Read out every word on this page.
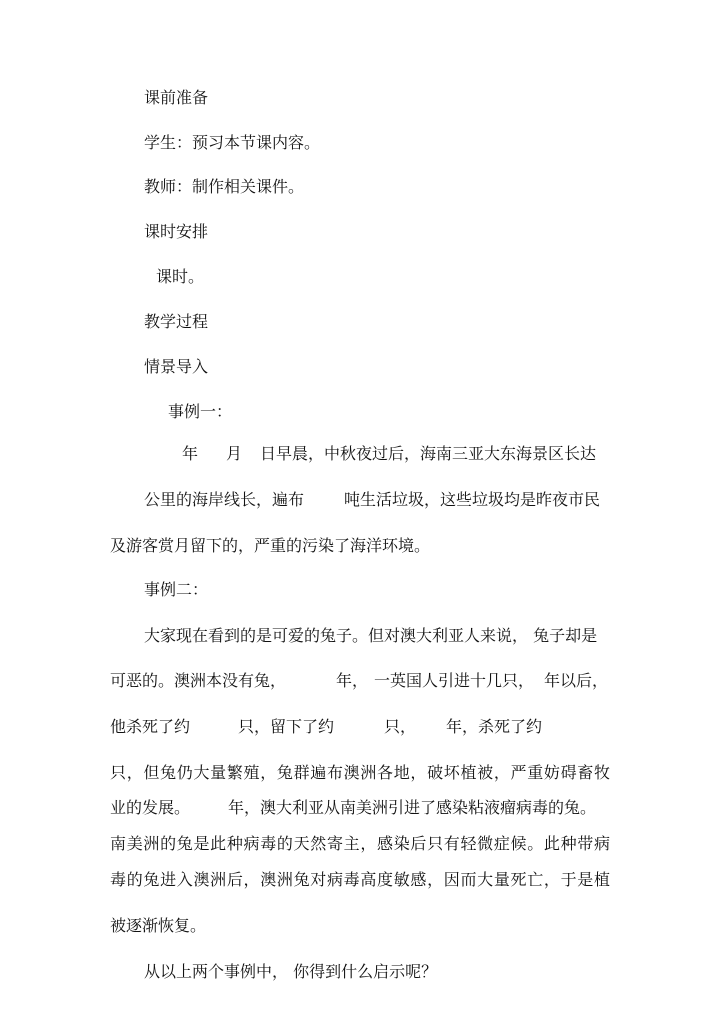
课前准备
学生：预习本节课内容。
教师：制作相关课件。
课时安排
课时。
教学过程
情景导入
事例一：
年 月 日早晨，中秋夜过后，海南三亚大东海景区长达
公里的海岸线长，遍布 吨生活垃圾，这些垃圾均是昨夜市民
及游客赏月留下的，严重的污染了海洋环境。
事例二：
大家现在看到的是可爱的兔子。但对澳大利亚人来说， 兔子却是
可恶的。澳洲本没有兔，	年， 一英国人引进十几只， 年以后，
他杀死了约	只，留下了约	只， 年，杀死了约
只，但兔仍大量繁殖，兔群遍布澳洲各地，破坏植被，严重妨碍畜牧
业的发展。 年，澳大利亚从南美洲引进了感染粘液瘤病毒的兔。
南美洲的兔是此种病毒的天然寄主，感染后只有轻微症候。此种带病
毒的兔进入澳洲后，澳洲兔对病毒高度敏感，因而大量死亡，于是植
被逐渐恢复。
从以上两个事例中， 你得到什么启示呢？
